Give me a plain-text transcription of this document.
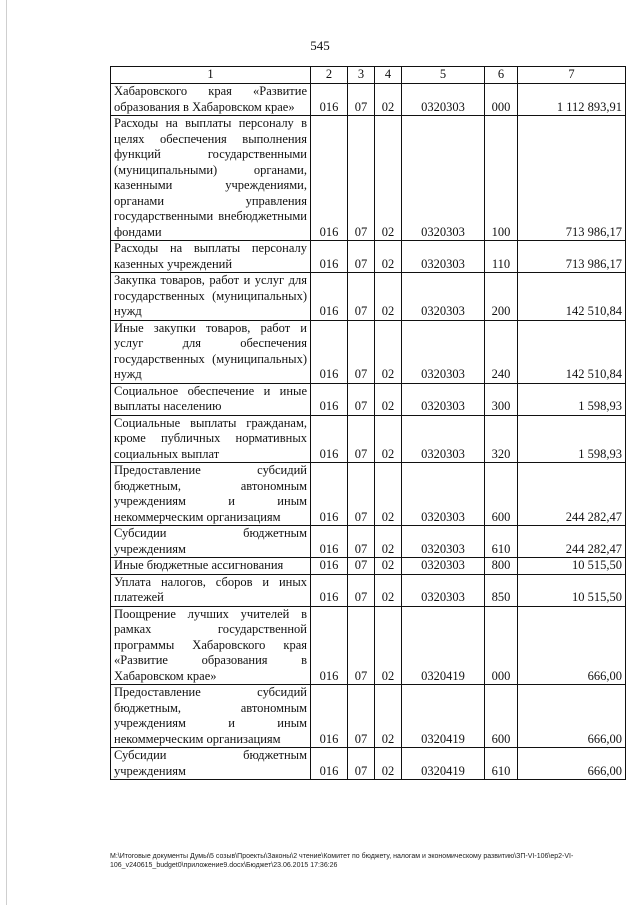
545
1	2	3	4	5	6	7
Хабаровского края «Развитие образования в Хабаровском крае»	016	07	02	0320303	000	1 112 893,91
Расходы на выплаты персоналу в целях обеспечения выполнения функций государственными (муниципальными) органами, казенными учреждениями, органами управления государственными внебюджетными фондами	016	07	02	0320303	100	713 986,17
Расходы на выплаты персоналу казенных учреждений	016	07	02	0320303	110	713 986,17
Закупка товаров, работ и услуг для государственных (муниципальных) нужд	016	07	02	0320303	200	142 510,84
Иные закупки товаров, работ и услуг для обеспечения государственных (муниципальных) нужд	016	07	02	0320303	240	142 510,84
Социальное обеспечение и иные выплаты населению	016	07	02	0320303	300	1 598,93
Социальные выплаты гражданам, кроме публичных нормативных социальных выплат	016	07	02	0320303	320	1 598,93
Предоставление субсидий бюджетным, автономным учреждениям и иным некоммерческим организациям	016	07	02	0320303	600	244 282,47
Субсидии бюджетным учреждениям	016	07	02	0320303	610	244 282,47
Иные бюджетные ассигнования	016	07	02	0320303	800	10 515,50
Уплата налогов, сборов и иных платежей	016	07	02	0320303	850	10 515,50
Поощрение лучших учителей в рамках государственной программы Хабаровского края «Развитие образования в Хабаровском крае»	016	07	02	0320419	000	666,00
Предоставление субсидий бюджетным, автономным учреждениям и иным некоммерческим организациям	016	07	02	0320419	600	666,00
Субсидии бюджетным учреждениям	016	07	02	0320419	610	666,00
М:\Итоговые документы Думы\5 созыв\Проекты\Законы\2 чтение\Комитет по бюджету, налогам и экономическому развитию\ЗП-VI-106\ер2-VI-106_v240615_budget0\приложение9.docx\Бюджет\23.06.2015 17:36:26
